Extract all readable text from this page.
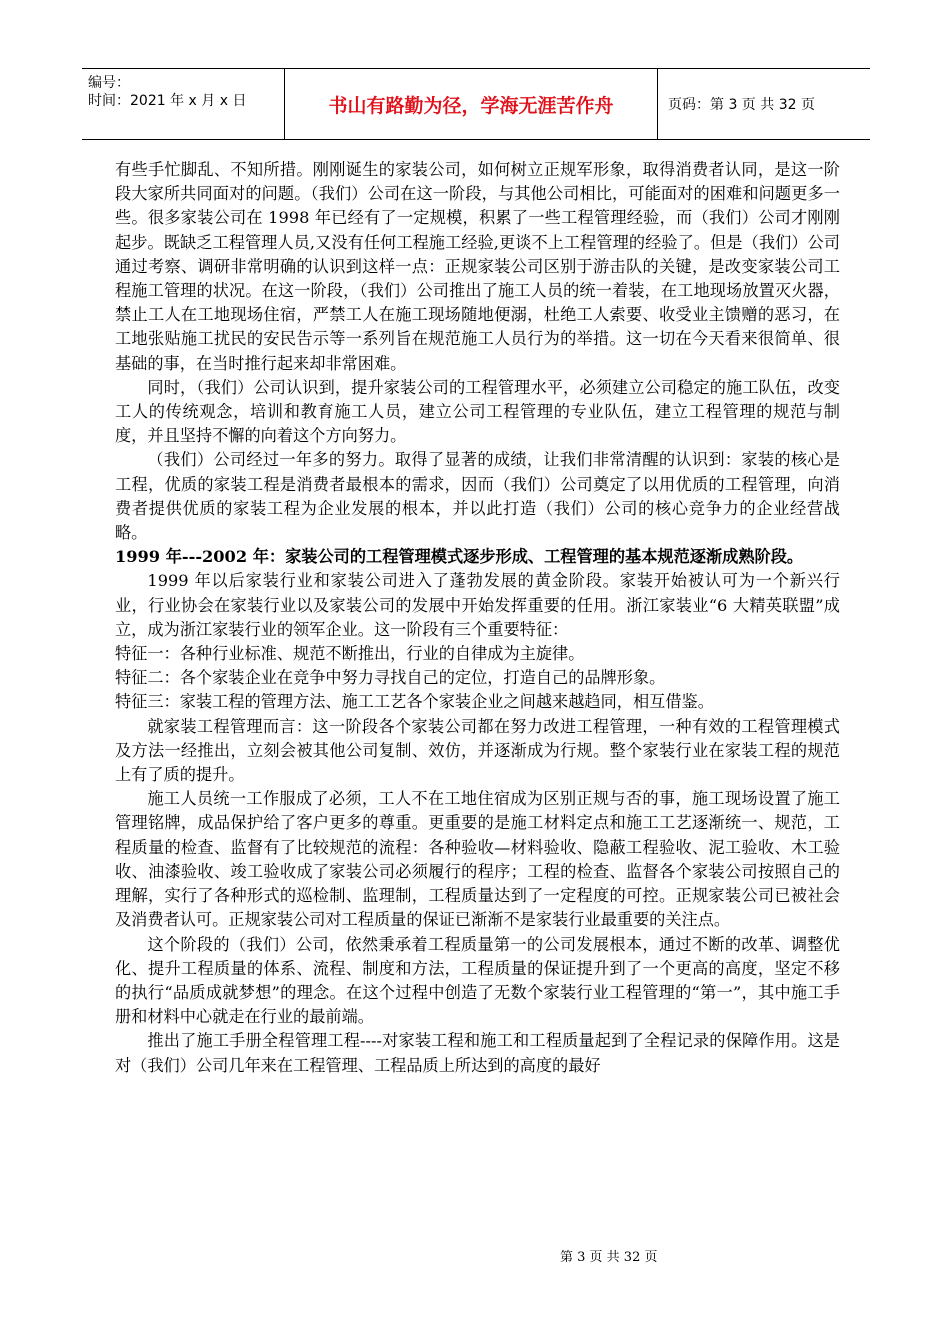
编号：
时间：2021 年 x 月 x 日	书山有路勤为径，学海无涯苦作舟	页码：第 3 页 共 32 页

有些手忙脚乱、不知所措。刚刚诞生的家装公司，如何树立正规军形象，取得消费者认同，是这一阶段大家所共同面对的问题。（我们）公司在这一阶段，与其他公司相比，可能面对的困难和问题更多一些。很多家装公司在 1998 年已经有了一定规模，积累了一些工程管理经验，而（我们）公司才刚刚起步。既缺乏工程管理人员,又没有任何工程施工经验,更谈不上工程管理的经验了。但是（我们）公司通过考察、调研非常明确的认识到这样一点：正规家装公司区别于游击队的关键，是改变家装公司工程施工管理的状况。在这一阶段，（我们）公司推出了施工人员的统一着装，在工地现场放置灭火器，禁止工人在工地现场住宿，严禁工人在施工现场随地便溺，杜绝工人索要、收受业主馈赠的恶习，在工地张贴施工扰民的安民告示等一系列旨在规范施工人员行为的举措。这一切在今天看来很简单、很基础的事，在当时推行起来却非常困难。

同时，（我们）公司认识到，提升家装公司的工程管理水平，必须建立公司稳定的施工队伍，改变工人的传统观念，培训和教育施工人员，建立公司工程管理的专业队伍，建立工程管理的规范与制度，并且坚持不懈的向着这个方向努力。

（我们）公司经过一年多的努力。取得了显著的成绩，让我们非常清醒的认识到：家装的核心是工程，优质的家装工程是消费者最根本的需求，因而（我们）公司奠定了以用优质的工程管理，向消费者提供优质的家装工程为企业发展的根本，并以此打造（我们）公司的核心竞争力的企业经营战略。

1999 年---2002 年：家装公司的工程管理模式逐步形成、工程管理的基本规范逐渐成熟阶段。

1999 年以后家装行业和家装公司进入了蓬勃发展的黄金阶段。家装开始被认可为一个新兴行业，行业协会在家装行业以及家装公司的发展中开始发挥重要的任用。浙江家装业“6 大精英联盟”成立，成为浙江家装行业的领军企业。这一阶段有三个重要特征：

特征一：各种行业标准、规范不断推出，行业的自律成为主旋律。

特征二：各个家装企业在竞争中努力寻找自己的定位，打造自己的品牌形象。

特征三：家装工程的管理方法、施工工艺各个家装企业之间越来越趋同，相互借鉴。

就家装工程管理而言：这一阶段各个家装公司都在努力改进工程管理，一种有效的工程管理模式及方法一经推出，立刻会被其他公司复制、效仿，并逐渐成为行规。整个家装行业在家装工程的规范上有了质的提升。

施工人员统一工作服成了必须，工人不在工地住宿成为区别正规与否的事，施工现场设置了施工管理铭牌，成品保护给了客户更多的尊重。更重要的是施工材料定点和施工工艺逐渐统一、规范，工程质量的检查、监督有了比较规范的流程：各种验收—材料验收、隐蔽工程验收、泥工验收、木工验收、油漆验收、竣工验收成了家装公司必须履行的程序；工程的检查、监督各个家装公司按照自己的理解，实行了各种形式的巡检制、监理制，工程质量达到了一定程度的可控。正规家装公司已被社会及消费者认可。正规家装公司对工程质量的保证已渐渐不是家装行业最重要的关注点。

这个阶段的（我们）公司，依然秉承着工程质量第一的公司发展根本，通过不断的改革、调整优化、提升工程质量的体系、流程、制度和方法，工程质量的保证提升到了一个更高的高度，坚定不移的执行“品质成就梦想”的理念。在这个过程中创造了无数个家装行业工程管理的“第一”，其中施工手册和材料中心就走在行业的最前端。

推出了施工手册全程管理工程----对家装工程和施工和工程质量起到了全程记录的保障作用。这是对（我们）公司几年来在工程管理、工程品质上所达到的高度的最好

第 3 页 共 32 页
